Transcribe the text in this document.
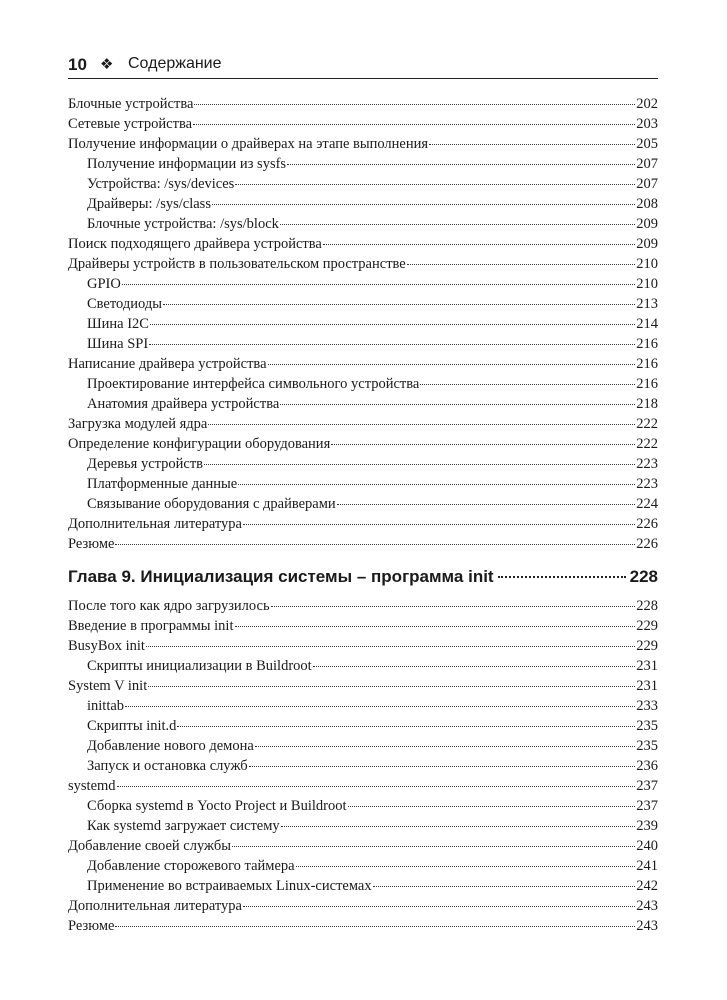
10 ❖ Содержание
Блочные устройства	202
Сетевые устройства	203
Получение информации о драйверах на этапе выполнения	205
Получение информации из sysfs	207
Устройства: /sys/devices	207
Драйверы: /sys/class	208
Блочные устройства: /sys/block	209
Поиск подходящего драйвера устройства	209
Драйверы устройств в пользовательском пространстве	210
GPIO	210
Светодиоды	213
Шина I2C	214
Шина SPI	216
Написание драйвера устройства	216
Проектирование интерфейса символьного устройства	216
Анатомия драйвера устройства	218
Загрузка модулей ядра	222
Определение конфигурации оборудования	222
Деревья устройств	223
Платформенные данные	223
Связывание оборудования с драйверами	224
Дополнительная литература	226
Резюме	226
Глава 9. Инициализация системы – программа init	228
После того как ядро загрузилось	228
Введение в программы init	229
BusyBox init	229
Скрипты инициализации в Buildroot	231
System V init	231
inittab	233
Скрипты init.d	235
Добавление нового демона	235
Запуск и остановка служб	236
systemd	237
Сборка systemd в Yocto Project и Buildroot	237
Как systemd загружает систему	239
Добавление своей службы	240
Добавление сторожевого таймера	241
Применение во встраиваемых Linux-системах	242
Дополнительная литература	243
Резюме	243
